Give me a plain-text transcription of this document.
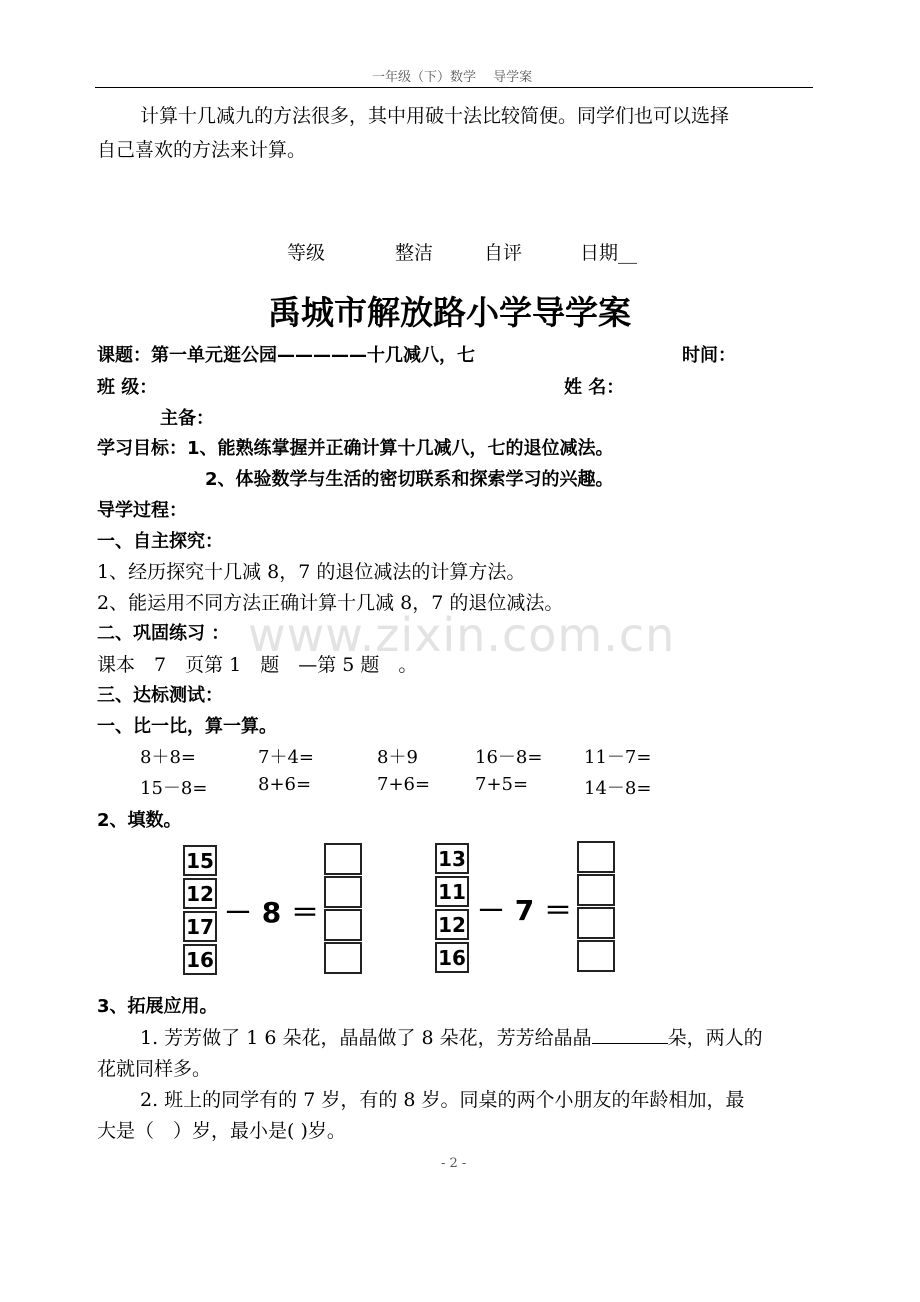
一年级（下）数学　 导学案
计算十几减九的方法很多，其中用破十法比较简便。同学们也可以选择
自己喜欢的方法来计算。
等级	整洁	自评	日期__
禹城市解放路小学导学案
课题：第一单元逛公园—————十几减八，七	时间：
班 级：	姓 名：
主备：
学习目标：1、能熟练掌握并正确计算十几减八，七的退位减法。
2、体验数学与生活的密切联系和探索学习的兴趣。
导学过程：
一、自主探究：
1、经历探究十几减 8，7 的退位减法的计算方法。
2、能运用不同方法正确计算十几减 8，7 的退位减法。
www.zixin.com.cn
二、巩固练习 ：
课本　7　页第 1　题　—第 5 题　。
三、达标测试：
一、比一比，算一算。
8＋8=	7＋4=	8＋9	16－8= 11－7=
15－8=	8+6=	7+6= 7+5=	14－8=
2、填数。
15
12
17
16
－ 8 ＝
13
11
12
16
－ 7 ＝
3、拓展应用。
1. 芳芳做了 1 6 朵花，晶晶做了 8 朵花，芳芳给晶晶	朵，两人的
花就同样多。
2. 班上的同学有的 7 岁，有的 8 岁。同桌的两个小朋友的年龄相加，最
大是（　）岁，最小是( )岁。
- 2 -
